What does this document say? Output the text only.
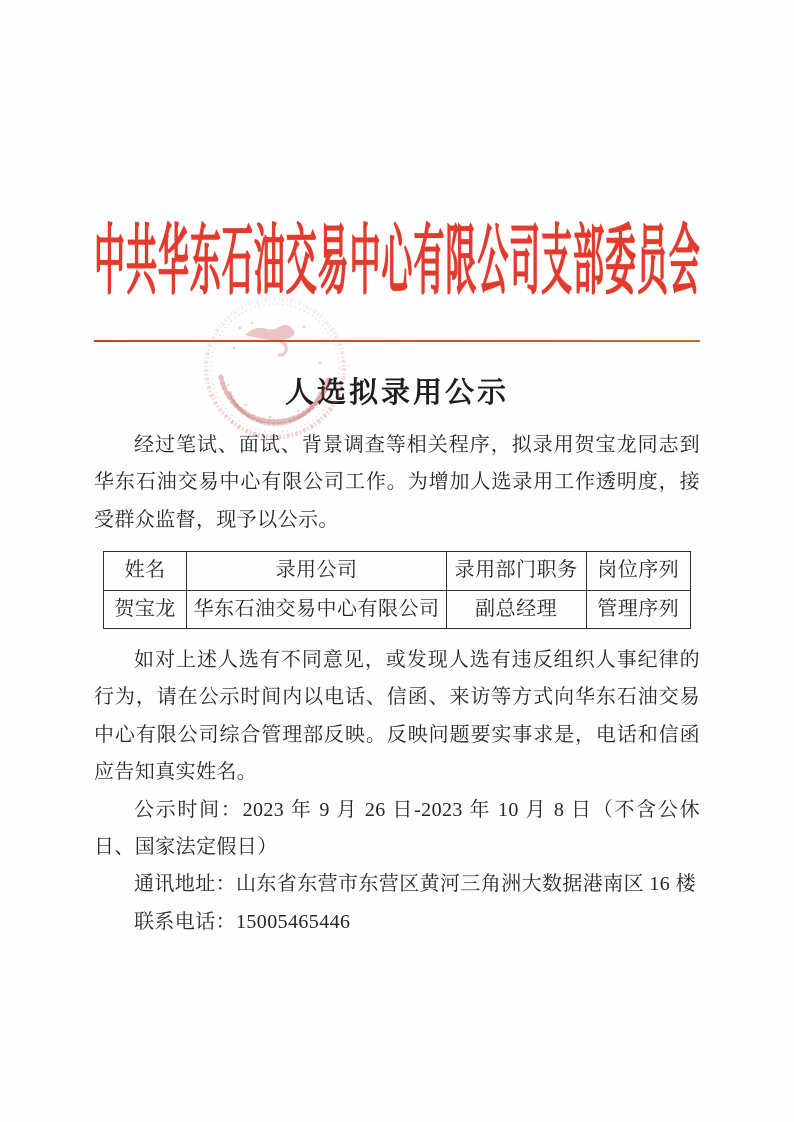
中共华东石油交易中心有限公司支部委员会
人选拟录用公示

经过笔试、面试、背景调查等相关程序，拟录用贺宝龙同志到华东石油交易中心有限公司工作。为增加人选录用工作透明度，接受群众监督，现予以公示。

姓名	录用公司	录用部门职务	岗位序列
贺宝龙	华东石油交易中心有限公司	副总经理	管理序列

如对上述人选有不同意见，或发现人选有违反组织人事纪律的行为，请在公示时间内以电话、信函、来访等方式向华东石油交易中心有限公司综合管理部反映。反映问题要实事求是，电话和信函应告知真实姓名。

公示时间：2023 年 9 月 26 日-2023 年 10 月 8 日（不含公休日、国家法定假日）

通讯地址：山东省东营市东营区黄河三角洲大数据港南区 16 楼

联系电话：15005465446
